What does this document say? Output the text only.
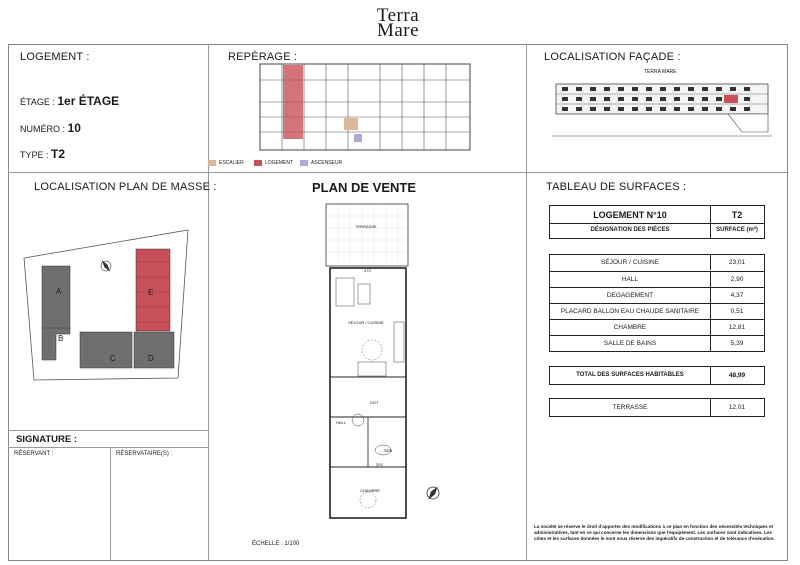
Terra
Mare
LOGEMENT :
ÉTAGE : 1er ÉTAGE
NUMÉRO : 10
TYPE : T2
REPÈRAGE :
ESCALIER	LOGEMENT	ASCENSEUR
LOCALISATION FAÇADE :
TERRA MARE
LOCALISATION PLAN DE MASSE :
A
B
C	D
E
SIGNATURE :
RÉSERVANT :	RÉSERVATAIRE(S) :
PLAN DE VENTE
TERRASSE
472
SÉJOUR / CUISINE
DGT
HALL
293
SDB
CHAMBRE
ÉCHELLE : 1/100
TABLEAU DE SURFACES :
LOGEMENT N°10	T2
DÉSIGNATION DES PIÈCES	SURFACE (m²)
SÉJOUR / CUISINE	23,01
HALL	2,90
DEGAGEMENT	4,37
PLACARD BALLON EAU CHAUDE SANITAIRE	0,51
CHAMBRE	12,81
SALLE DE BAINS	5,39
TOTAL DES SURFACES HABITABLES	48,99
TERRASSE	12,01
La société se réserve le droit d'apporter des modifications à ce plan en fonction des nécessités techniques et administratives, tant en ce qui concerne les dimensions que l'équipement. Les surfaces sont indicatives. Les côtes et les surfaces données le sont sous réserve des impératifs de construction et de tolérance d'exécution.
